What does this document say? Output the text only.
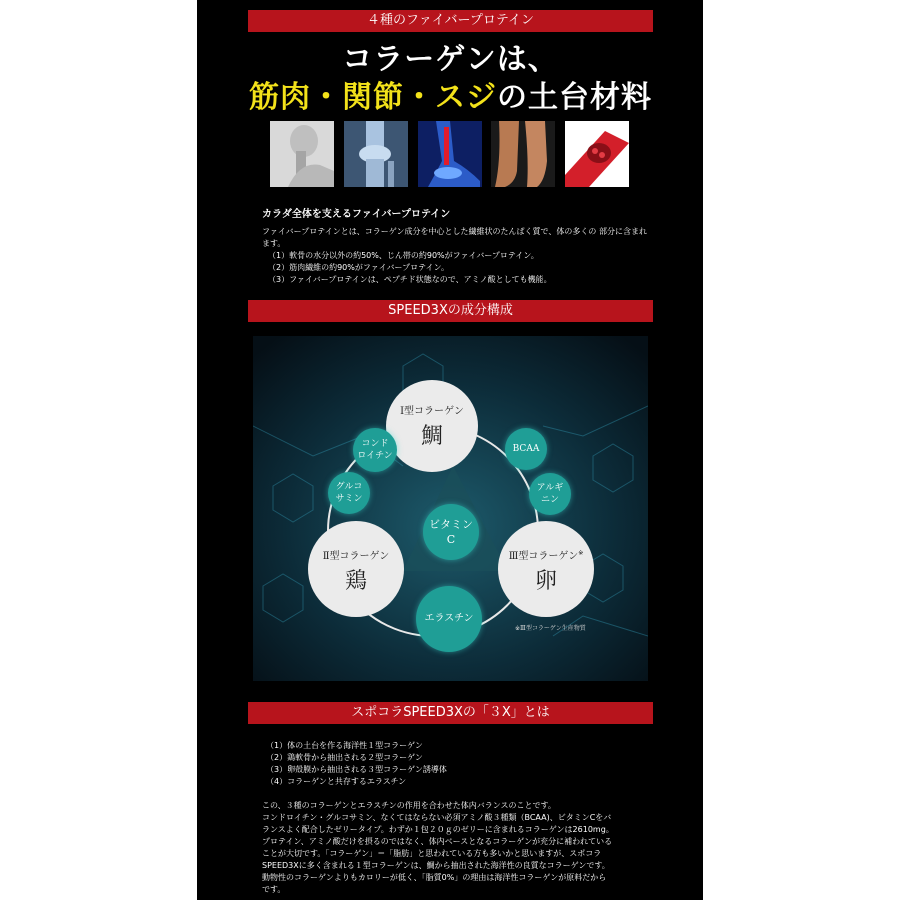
４種のファイバープロテイン
コラーゲンは、
筋肉・関節・スジの土台材料
カラダ全体を支えるファイバープロテイン
ファイバープロテインとは、コラーゲン成分を中心とした繊維状のたんぱく質で、体の多くの 部分に含まれます。
（1）軟骨の水分以外の約50%、じん帯の約90%がファイバープロテイン。
（2）筋肉繊維の約90%がファイバープロテイン。
（3）ファイバープロテインは、ペプチド状態なので、アミノ酸としても機能。
SPEED3Xの成分構成
Ⅰ型コラーゲン
鯛
Ⅱ型コラーゲン
鶏
Ⅲ型コラーゲン※
卵
コンド
ロイチン
BCAA
グルコ
サミン
アルギ
ニン
エラスチン
ビタミン
C
※Ⅲ型コラーゲン生産物質
スポコラSPEED3Xの「３X」とは
（1）体の土台を作る海洋性１型コラーゲン
（2）鶏軟骨から抽出される２型コラーゲン
（3）卵殻膜から抽出される３型コラーゲン誘導体
（4）コラーゲンと共存するエラスチン
この、３種のコラーゲンとエラスチンの作用を合わせた体内バランスのことです。
コンドロイチン・グルコサミン、なくてはならない必須アミノ酸３種類（BCAA)、ビタミンCをバ
ランスよく配合したゼリータイプ。わずか１包２０ｇのゼリーに含まれるコラーゲンは2610mg。
プロテイン、アミノ酸だけを摂るのではなく、体内ベースとなるコラーゲンが充分に補われている
ことが大切です。「コラーゲン」＝「脂肪」と思われている方も多いかと思いますが、スポコラ
SPEED3Xに多く含まれる１型コラーゲンは、鯛から抽出された海洋性の良質なコラーゲンです。
動物性のコラーゲンよりもカロリーが低く、「脂質0%」の理由は海洋性コラーゲンが原料だから
です。
